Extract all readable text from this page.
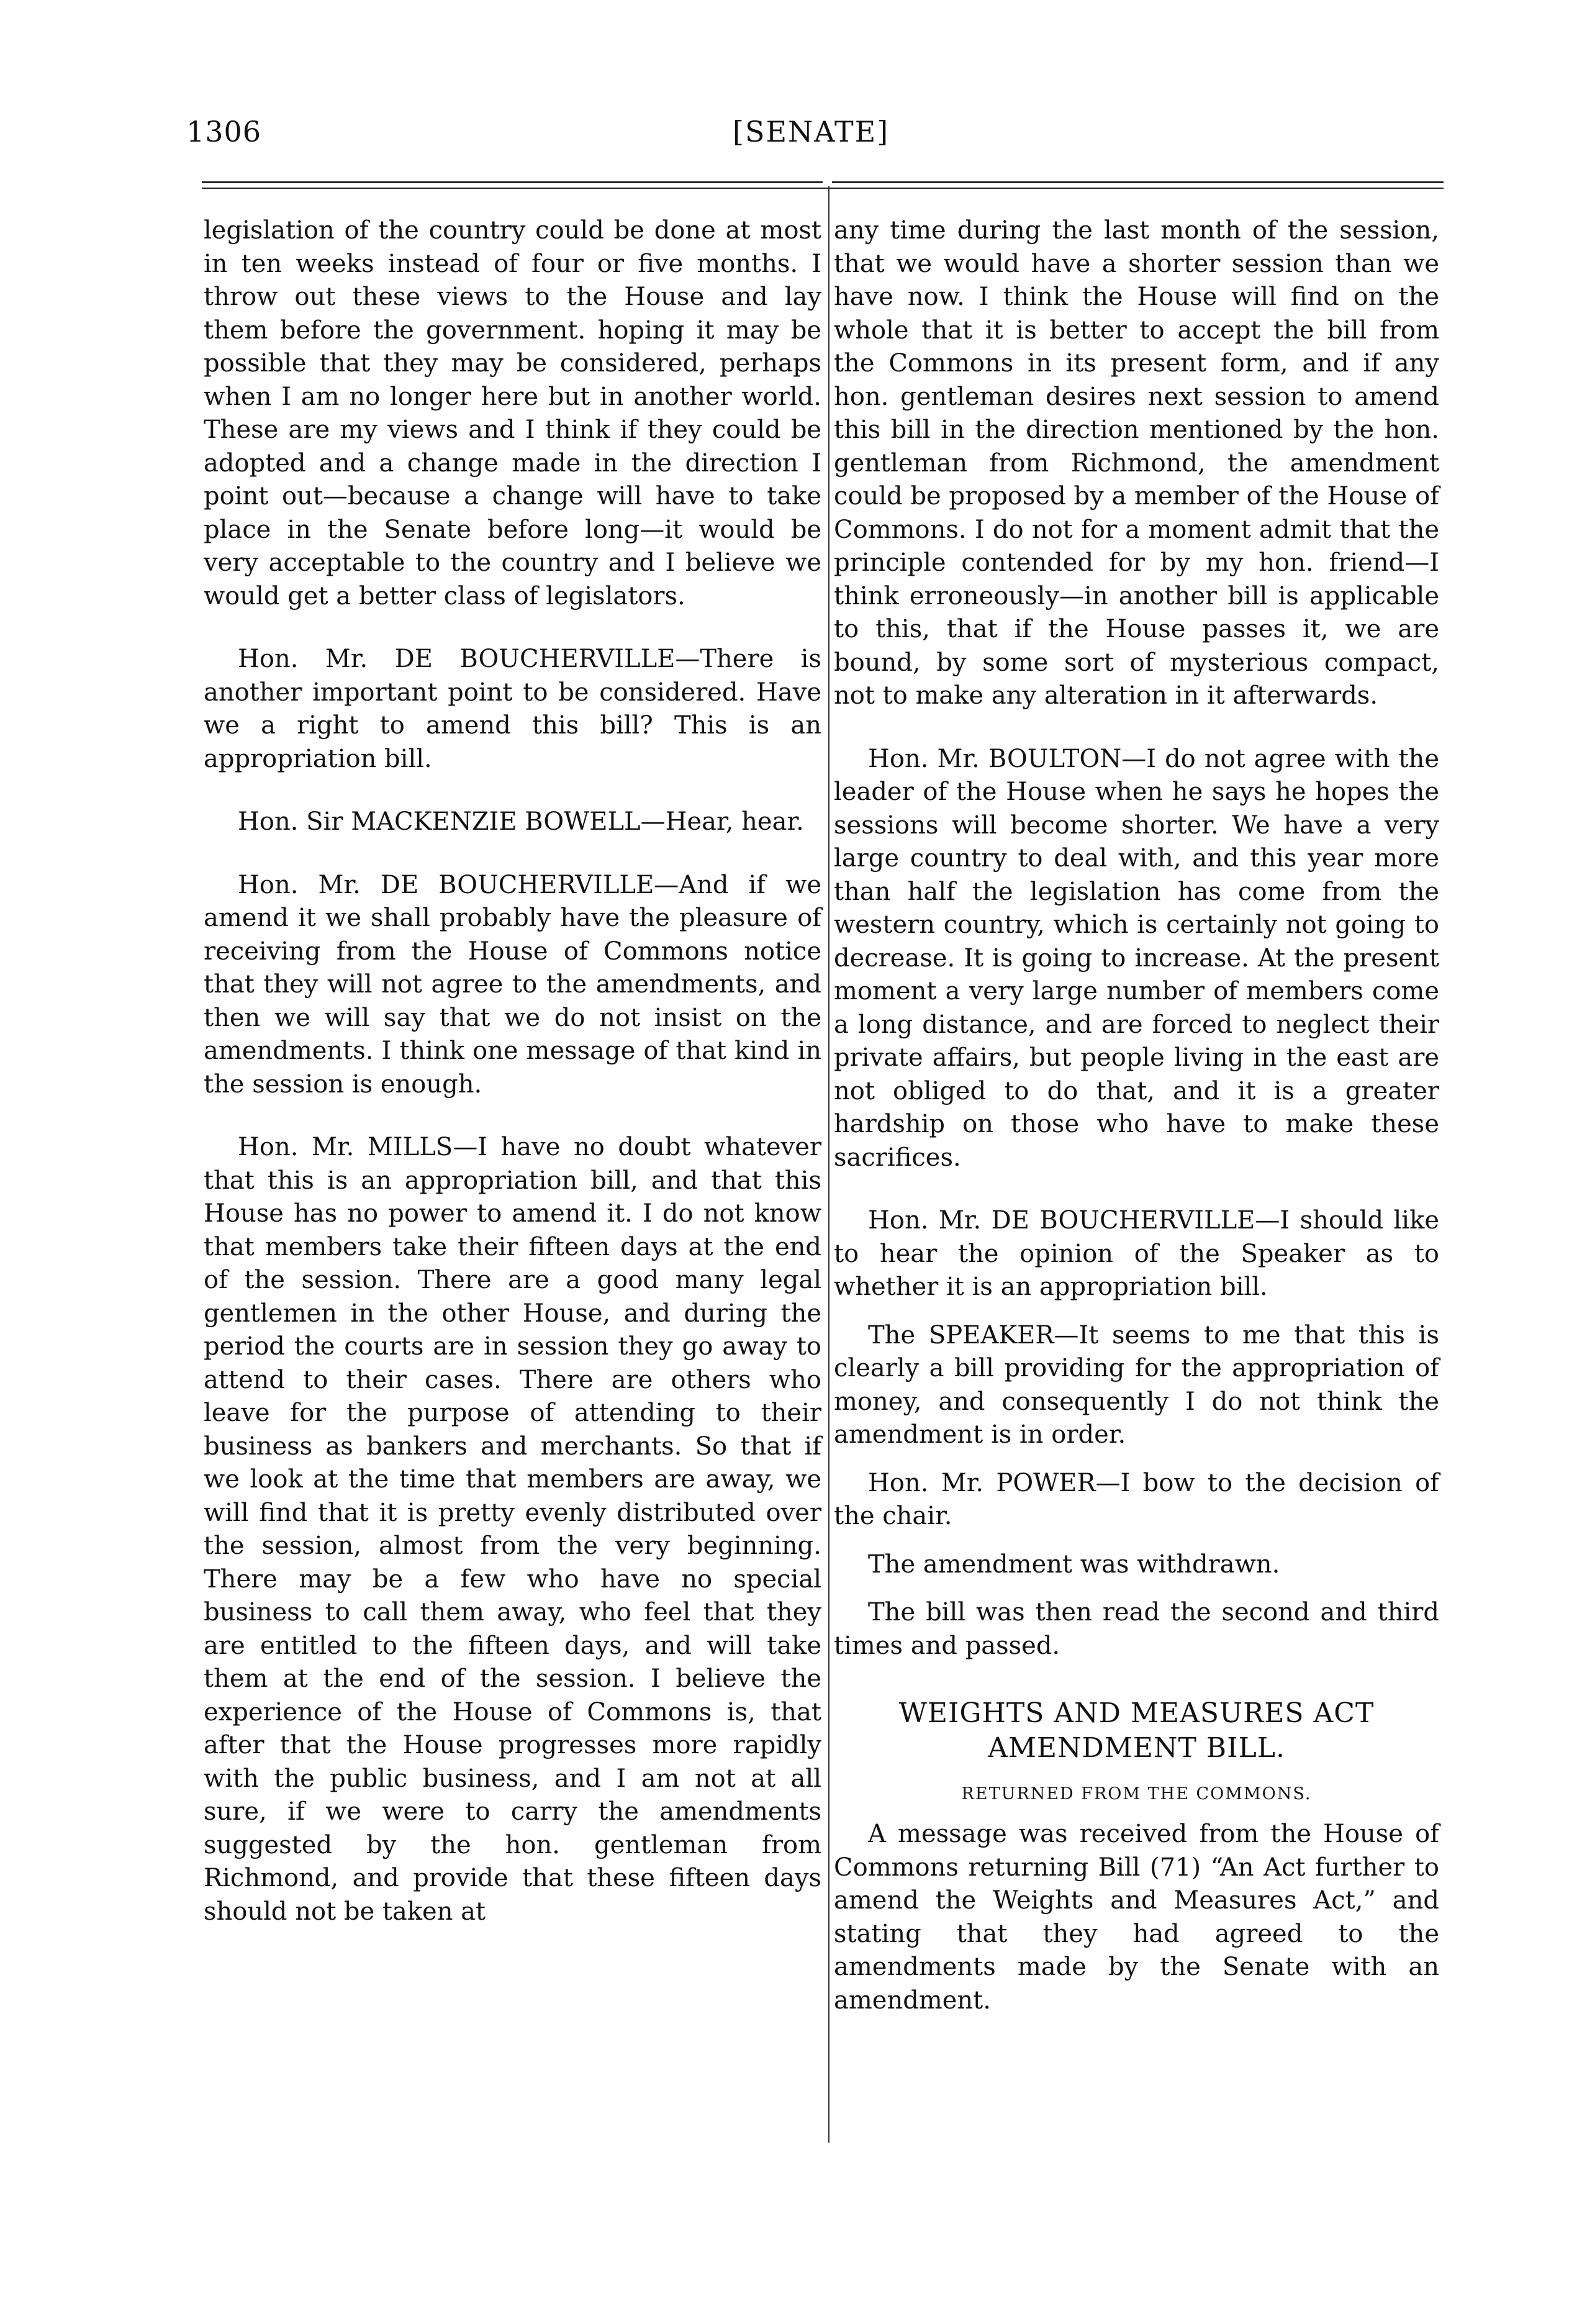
1306	[SENATE]

legislation of the country could be done at most in ten weeks instead of four or five months. I throw out these views to the House and lay them before the government. hoping it may be possible that they may be considered, perhaps when I am no longer here but in another world. These are my views and I think if they could be adopted and a change made in the direction I point out—because a change will have to take place in the Senate before long—it would be very acceptable to the country and I believe we would get a better class of legislators.

Hon. Mr. DE BOUCHERVILLE—There is another important point to be considered. Have we a right to amend this bill? This is an appropriation bill.

Hon. Sir MACKENZIE BOWELL—Hear, hear.

Hon. Mr. DE BOUCHERVILLE—And if we amend it we shall probably have the pleasure of receiving from the House of Commons notice that they will not agree to the amendments, and then we will say that we do not insist on the amendments. I think one message of that kind in the session is enough.

Hon. Mr. MILLS—I have no doubt whatever that this is an appropriation bill, and that this House has no power to amend it. I do not know that members take their fifteen days at the end of the session. There are a good many legal gentlemen in the other House, and during the period the courts are in session they go away to attend to their cases. There are others who leave for the purpose of attending to their business as bankers and merchants. So that if we look at the time that members are away, we will find that it is pretty evenly distributed over the session, almost from the very beginning. There may be a few who have no special business to call them away, who feel that they are entitled to the fifteen days, and will take them at the end of the session. I believe the experience of the House of Commons is, that after that the House progresses more rapidly with the public business, and I am not at all sure, if we were to carry the amendments suggested by the hon. gentleman from Richmond, and provide that these fifteen days should not be taken at

any time during the last month of the session, that we would have a shorter session than we have now. I think the House will find on the whole that it is better to accept the bill from the Commons in its present form, and if any hon. gentleman desires next session to amend this bill in the direction mentioned by the hon. gentleman from Richmond, the amendment could be proposed by a member of the House of Commons. I do not for a moment admit that the principle contended for by my hon. friend—I think erroneously—in another bill is applicable to this, that if the House passes it, we are bound, by some sort of mysterious compact, not to make any alteration in it afterwards.

Hon. Mr. BOULTON—I do not agree with the leader of the House when he says he hopes the sessions will become shorter. We have a very large country to deal with, and this year more than half the legislation has come from the western country, which is certainly not going to decrease. It is going to increase. At the present moment a very large number of members come a long distance, and are forced to neglect their private affairs, but people living in the east are not obliged to do that, and it is a greater hardship on those who have to make these sacrifices.

Hon. Mr. DE BOUCHERVILLE—I should like to hear the opinion of the Speaker as to whether it is an appropriation bill.

The SPEAKER—It seems to me that this is clearly a bill providing for the appropriation of money, and consequently I do not think the amendment is in order.

Hon. Mr. POWER—I bow to the decision of the chair.

The amendment was withdrawn.

The bill was then read the second and third times and passed.

WEIGHTS AND MEASURES ACT
AMENDMENT BILL.
RETURNED FROM THE COMMONS.

A message was received from the House of Commons returning Bill (71) “An Act further to amend the Weights and Measures Act,” and stating that they had agreed to the amendments made by the Senate with an amendment.
